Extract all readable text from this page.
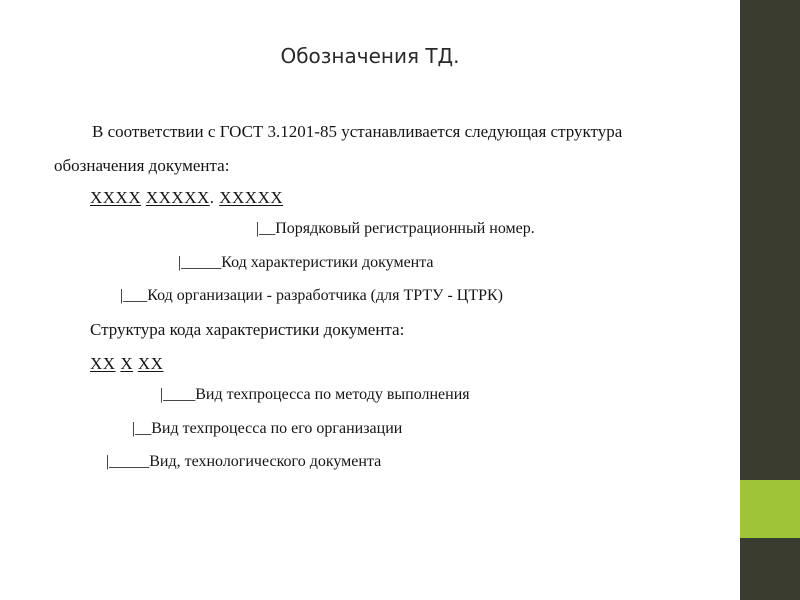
Обозначения ТД.
В соответствии с ГОСТ 3.1201-85 устанавливается следующая структура
обозначения документа:
ХХХХ ХХХХХ. ХХХХХ
|__Порядковый регистрационный номер.
|_____Код характеристики документа
|___Код организации - разработчика (для ТРТУ - ЦТРК)
Структура кода характеристики документа:
ХХ Х ХХ
|____Вид техпроцесса по методу выполнения
|__Вид техпроцесса по его организации
|_____Вид, технологического документа
